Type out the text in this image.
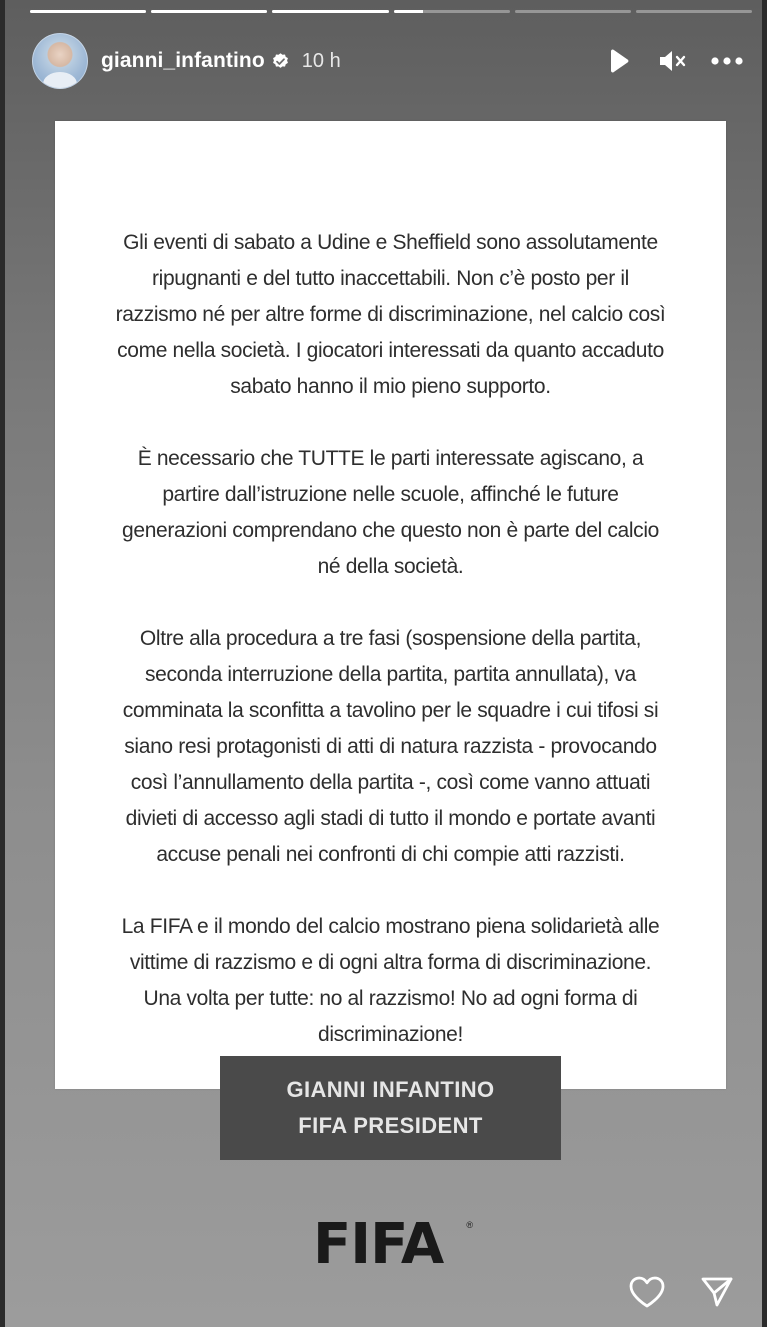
gianni_infantino 10 h
Gli eventi di sabato a Udine e Sheffield sono assolutamente
ripugnanti e del tutto inaccettabili. Non c’è posto per il
razzismo né per altre forme di discriminazione, nel calcio così
come nella società. I giocatori interessati da quanto accaduto
sabato hanno il mio pieno supporto.
È necessario che TUTTE le parti interessate agiscano, a
partire dall’istruzione nelle scuole, affinché le future
generazioni comprendano che questo non è parte del calcio
né della società.
Oltre alla procedura a tre fasi (sospensione della partita,
seconda interruzione della partita, partita annullata), va
comminata la sconfitta a tavolino per le squadre i cui tifosi si
siano resi protagonisti di atti di natura razzista - provocando
così l’annullamento della partita -, così come vanno attuati
divieti di accesso agli stadi di tutto il mondo e portate avanti
accuse penali nei confronti di chi compie atti razzisti.
La FIFA e il mondo del calcio mostrano piena solidarietà alle
vittime di razzismo e di ogni altra forma di discriminazione.
Una volta per tutte: no al razzismo! No ad ogni forma di
discriminazione!
GIANNI INFANTINO
FIFA PRESIDENT
FIFA	®
